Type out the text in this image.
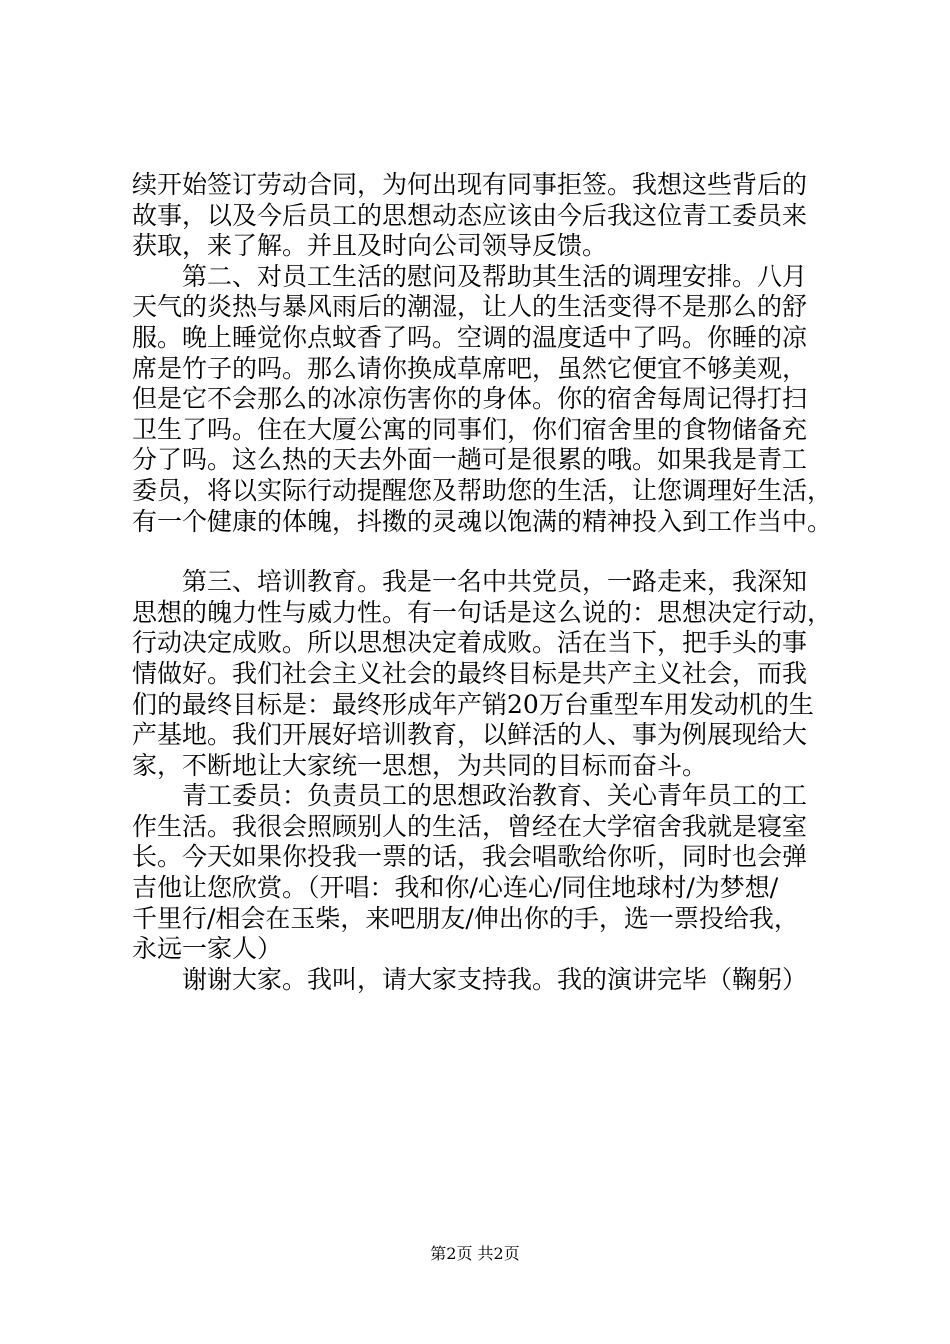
续开始签订劳动合同，为何出现有同事拒签。我想这些背后的
故事，以及今后员工的思想动态应该由今后我这位青工委员来
获取，来了解。并且及时向公司领导反馈。

　　第二、对员工生活的慰问及帮助其生活的调理安排。八月
天气的炎热与暴风雨后的潮湿，让人的生活变得不是那么的舒
服。晚上睡觉你点蚊香了吗。空调的温度适中了吗。你睡的凉
席是竹子的吗。那么请你换成草席吧，虽然它便宜不够美观，
但是它不会那么的冰凉伤害你的身体。你的宿舍每周记得打扫
卫生了吗。住在大厦公寓的同事们，你们宿舍里的食物储备充
分了吗。这么热的天去外面一趟可是很累的哦。如果我是青工
委员，将以实际行动提醒您及帮助您的生活，让您调理好生活，
有一个健康的体魄，抖擞的灵魂以饱满的精神投入到工作当中。

　　第三、培训教育。我是一名中共党员，一路走来，我深知
思想的魄力性与威力性。有一句话是这么说的：思想决定行动，
行动决定成败。所以思想决定着成败。活在当下，把手头的事
情做好。我们社会主义社会的最终目标是共产主义社会，而我
们的最终目标是：最终形成年产销20万台重型车用发动机的生
产基地。我们开展好培训教育，以鲜活的人、事为例展现给大
家，不断地让大家统一思想，为共同的目标而奋斗。

　　青工委员：负责员工的思想政治教育、关心青年员工的工
作生活。我很会照顾别人的生活，曾经在大学宿舍我就是寝室
长。今天如果你投我一票的话，我会唱歌给你听，同时也会弹
吉他让您欣赏。（开唱：我和你/心连心/同住地球村/为梦想/
千里行/相会在玉柴，来吧朋友/伸出你的手，选一票投给我，
永远一家人）

　　谢谢大家。我叫，请大家支持我。我的演讲完毕（鞠躬）

第2页 共2页
